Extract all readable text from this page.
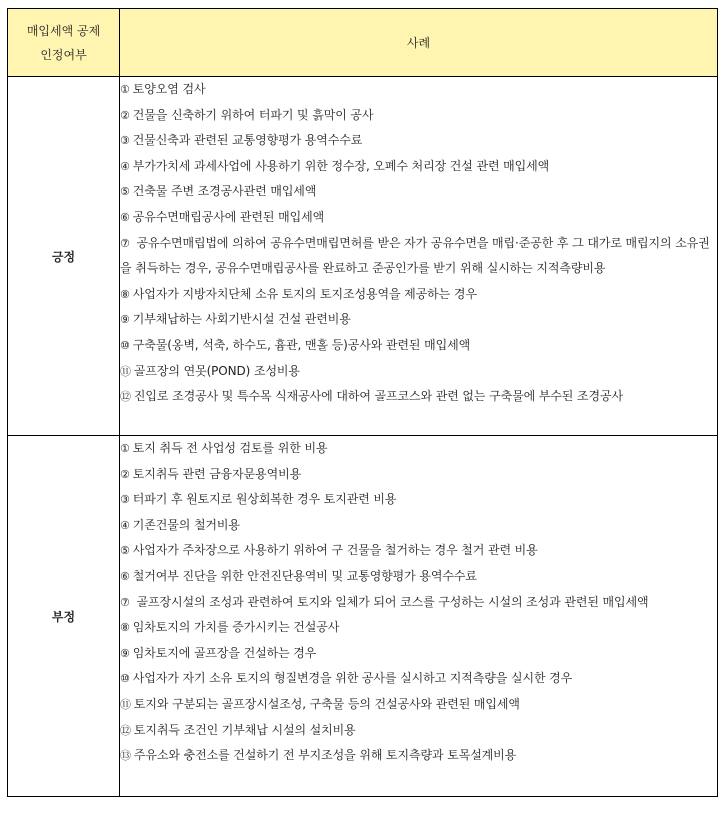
매입세액 공제
인정여부	사례
긍정	
① 토양오염 검사
② 건물을 신축하기 위하여 터파기 및 흙막이 공사
③ 건물신축과 관련된 교통영향평가 용역수수료
④ 부가가치세 과세사업에 사용하기 위한 정수장, 오폐수 처리장 건설 관련 매입세액
⑤ 건축물 주변 조경공사관련 매입세액
⑥ 공유수면매립공사에 관련된 매입세액
⑦ 공유수면매립법에 의하여 공유수면매립면허를 받은 자가 공유수면을 매립·준공한 후 그 대가로 매립지의 소유권을 취득하는 경우, 공유수면매립공사를 완료하고 준공인가를 받기 위해 실시하는 지적측량비용
⑧ 사업자가 지방자치단체 소유 토지의 토지조성용역을 제공하는 경우
⑨ 기부채납하는 사회기반시설 건설 관련비용
⑩ 구축물(옹벽, 석축, 하수도, 흄관, 맨홀 등)공사와 관련된 매입세액
⑪ 골프장의 연못(POND) 조성비용
⑫ 진입로 조경공사 및 특수목 식재공사에 대하여 골프코스와 관련 없는 구축물에 부수된 조경공사

부정	
① 토지 취득 전 사업성 검토를 위한 비용
② 토지취득 관련 금융자문용역비용
③ 터파기 후 원토지로 원상회복한 경우 토지관련 비용
④ 기존건물의 철거비용
⑤ 사업자가 주차장으로 사용하기 위하여 구 건물을 철거하는 경우 철거 관련 비용
⑥ 철거여부 진단을 위한 안전진단용역비 및 교통영향평가 용역수수료
⑦ 골프장시설의 조성과 관련하여 토지와 일체가 되어 코스를 구성하는 시설의 조성과 관련된 매입세액
⑧ 임차토지의 가치를 증가시키는 건설공사
⑨ 임차토지에 골프장을 건설하는 경우
⑩ 사업자가 자기 소유 토지의 형질변경을 위한 공사를 실시하고 지적측량을 실시한 경우
⑪ 토지와 구분되는 골프장시설조성, 구축물 등의 건설공사와 관련된 매입세액
⑫ 토지취득 조건인 기부채납 시설의 설치비용
⑬ 주유소와 충전소를 건설하기 전 부지조성을 위해 토지측량과 토목설계비용
